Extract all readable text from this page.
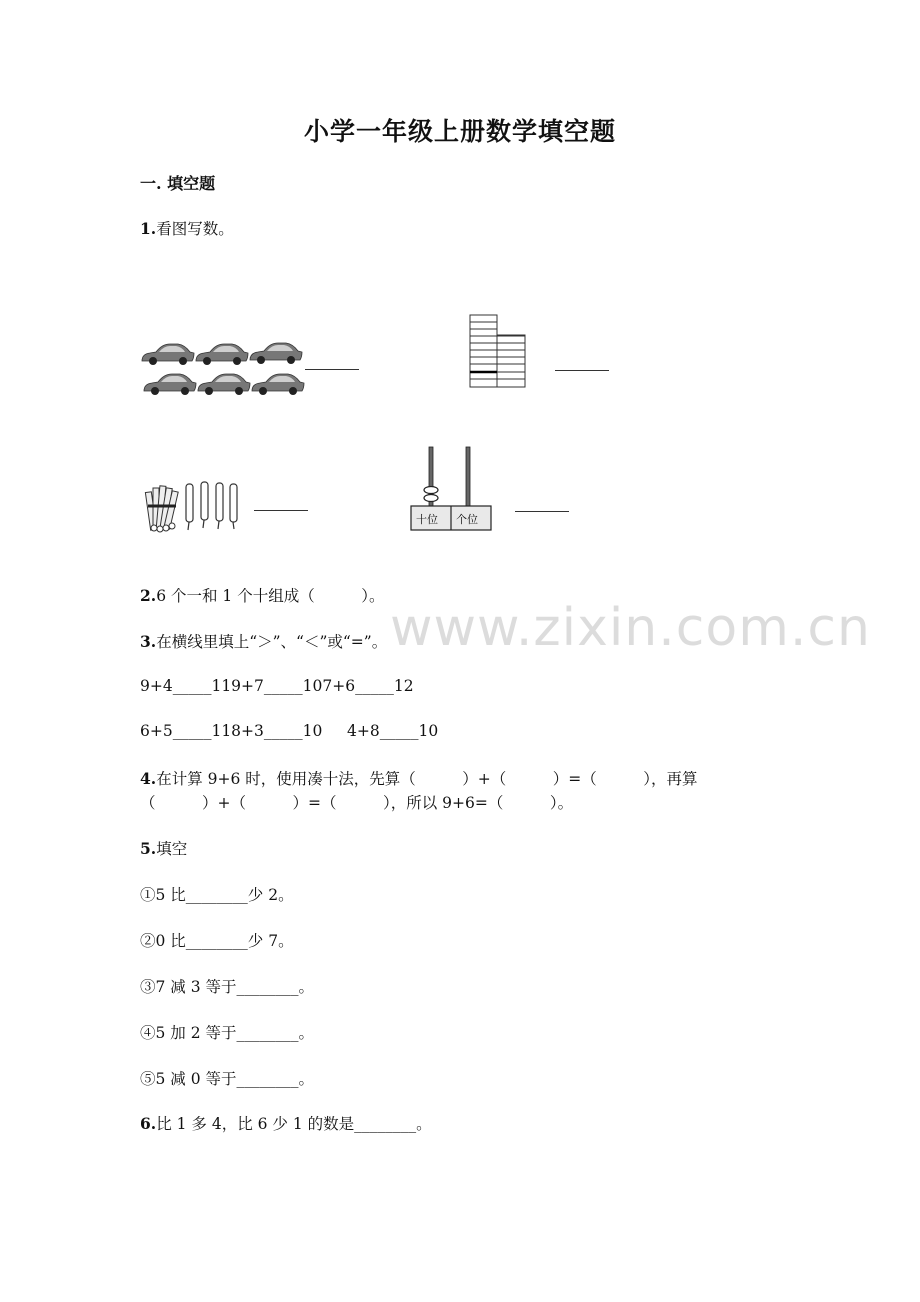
小学一年级上册数学填空题
一. 填空题
www.zixin.com.cn
1.看图写数。
十位 个位
2.6 个一和 1 个十组成（　　　）。
3.在横线里填上“＞”、“＜”或“=”。
9+4_____119+7_____107+6_____12
6+5_____118+3_____10     4+8_____10
4.在计算 9+6 时，使用凑十法，先算（　　　）+（　　　）=（　　　），再算
（　　　）+（　　　）=（　　　），所以 9+6=（　　　）。
5.填空
①5 比________少 2。
②0 比________少 7。
③7 减 3 等于________。
④5 加 2 等于________。
⑤5 减 0 等于________。
6.比 1 多 4，比 6 少 1 的数是________。
